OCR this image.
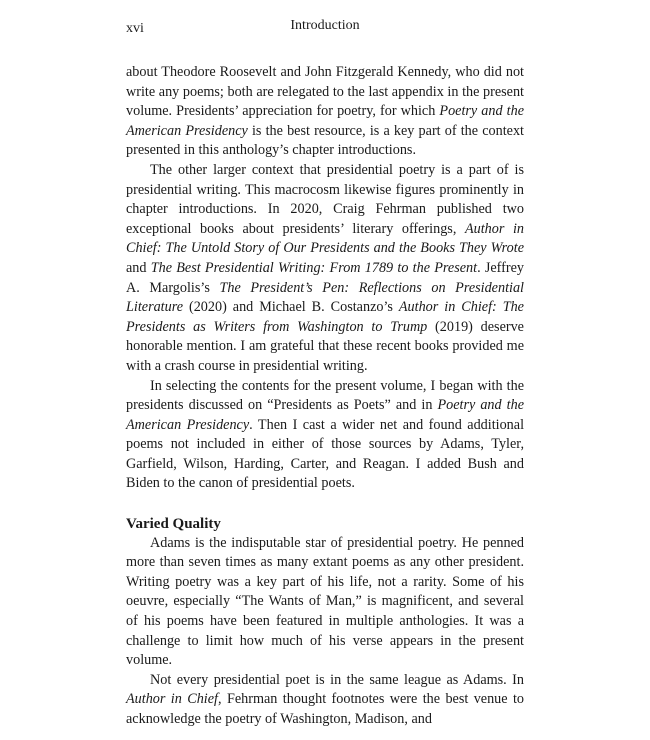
xvi	Introduction

about Theodore Roosevelt and John Fitzgerald Kennedy, who did not write any poems; both are relegated to the last appendix in the present volume. Presidents’ appreciation for poetry, for which Poetry and the American Presidency is the best resource, is a key part of the context presented in this anthology’s chapter introductions.

The other larger context that presidential poetry is a part of is presidential writing. This macrocosm likewise figures prominently in chapter introductions. In 2020, Craig Fehrman published two exceptional books about presidents’ literary offerings, Author in Chief: The Untold Story of Our Presidents and the Books They Wrote and The Best Presidential Writing: From 1789 to the Present. Jeffrey A. Margolis’s The President’s Pen: Reflections on Presidential Literature (2020) and Michael B. Costanzo’s Author in Chief: The Presidents as Writers from Washington to Trump (2019) deserve honorable mention. I am grateful that these recent books provided me with a crash course in presidential writing.

In selecting the contents for the present volume, I began with the presidents discussed on “Presidents as Poets” and in Poetry and the American Presidency. Then I cast a wider net and found additional poems not included in either of those sources by Adams, Tyler, Garfield, Wilson, Harding, Carter, and Reagan. I added Bush and Biden to the canon of presidential poets.

Varied Quality

Adams is the indisputable star of presidential poetry. He penned more than seven times as many extant poems as any other president. Writing poetry was a key part of his life, not a rarity. Some of his oeuvre, especially “The Wants of Man,” is magnificent, and several of his poems have been featured in multiple anthologies. It was a challenge to limit how much of his verse appears in the present volume.

Not every presidential poet is in the same league as Adams. In Author in Chief, Fehrman thought footnotes were the best venue to acknowledge the poetry of Washington, Madison, and
